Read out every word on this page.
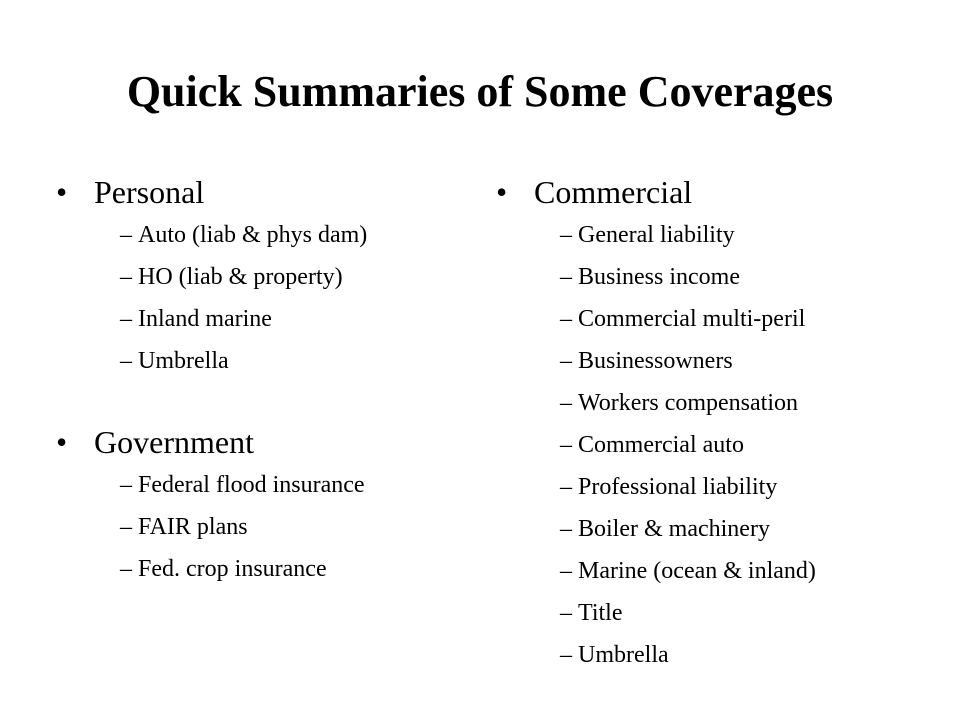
Quick Summaries of Some Coverages
• Personal
– Auto (liab & phys dam)
– HO (liab & property)
– Inland marine
– Umbrella
• Government
– Federal flood insurance
– FAIR plans
– Fed. crop insurance
• Commercial
– General liability
– Business income
– Commercial multi-peril
– Businessowners
– Workers compensation
– Commercial auto
– Professional liability
– Boiler & machinery
– Marine (ocean & inland)
– Title
– Umbrella
